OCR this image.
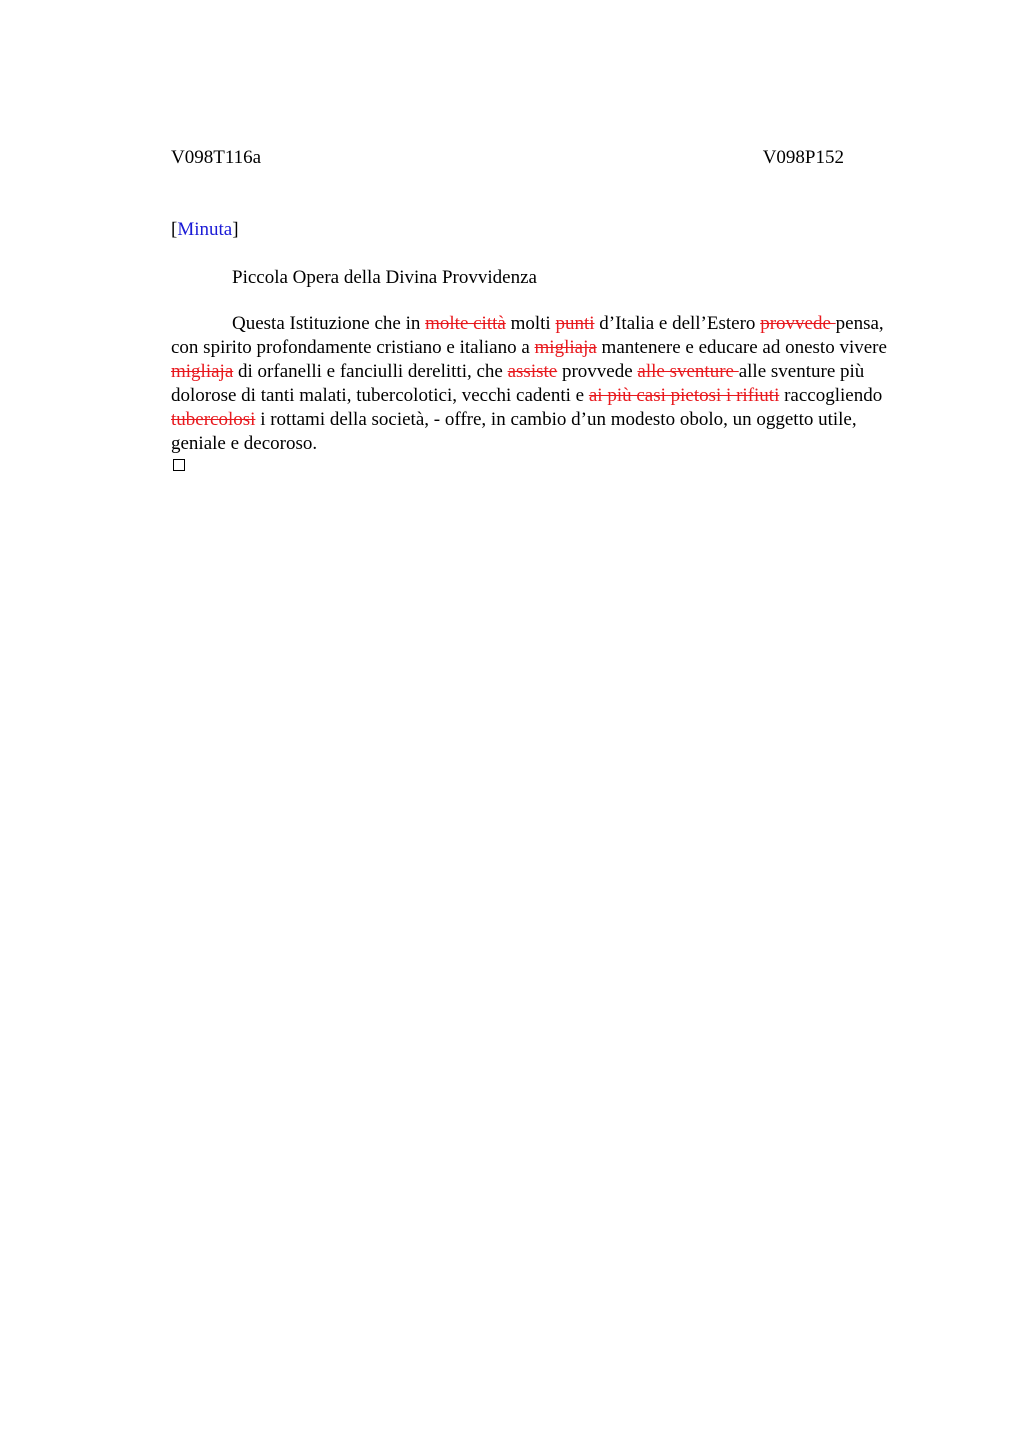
V098T116a	V098P152
[Minuta]
Piccola Opera della Divina Provvidenza
Questa Istituzione che in molte città molti punti d’Italia e dell’Estero provvede pensa, con spirito profondamente cristiano e italiano a migliaja mantenere e educare ad onesto vivere migliaja di orfanelli e fanciulli derelitti, che assiste provvede alle sventure alle sventure più dolorose di tanti malati, tubercolotici, vecchi cadenti e ai più casi pietosi i rifiuti raccogliendo tubercolosi i rottami della società, - offre, in cambio d’un modesto obolo, un oggetto utile, geniale e decoroso.
